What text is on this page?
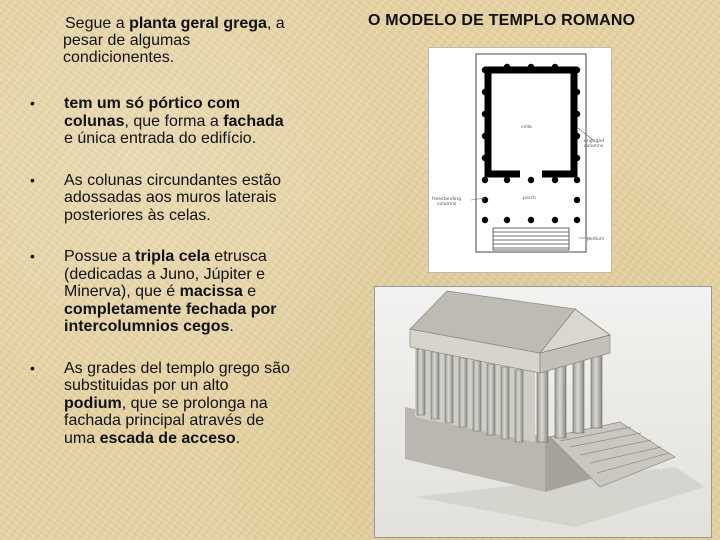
Segue a planta geral grega, a
pesar de algumas
condicionentes.
• tem um só pórtico com
colunas, que forma a fachada
e única entrada do edifício.
• As colunas circundantes estão
adossadas aos muros laterais
posteriores às celas.
• Possue a tripla cela etrusca
(dedicadas a Juno, Júpiter e
Minerva), que é macissa e
completamente fechada por
intercolumnios cegos.
• As grades del templo grego são
substituidas por un alto
podium, que se prolonga na
fachada principal através de
uma escada de acceso.
O MODELO DE TEMPLO ROMANO
cella
engaged
columns
porch
freestanding
columns
podium
